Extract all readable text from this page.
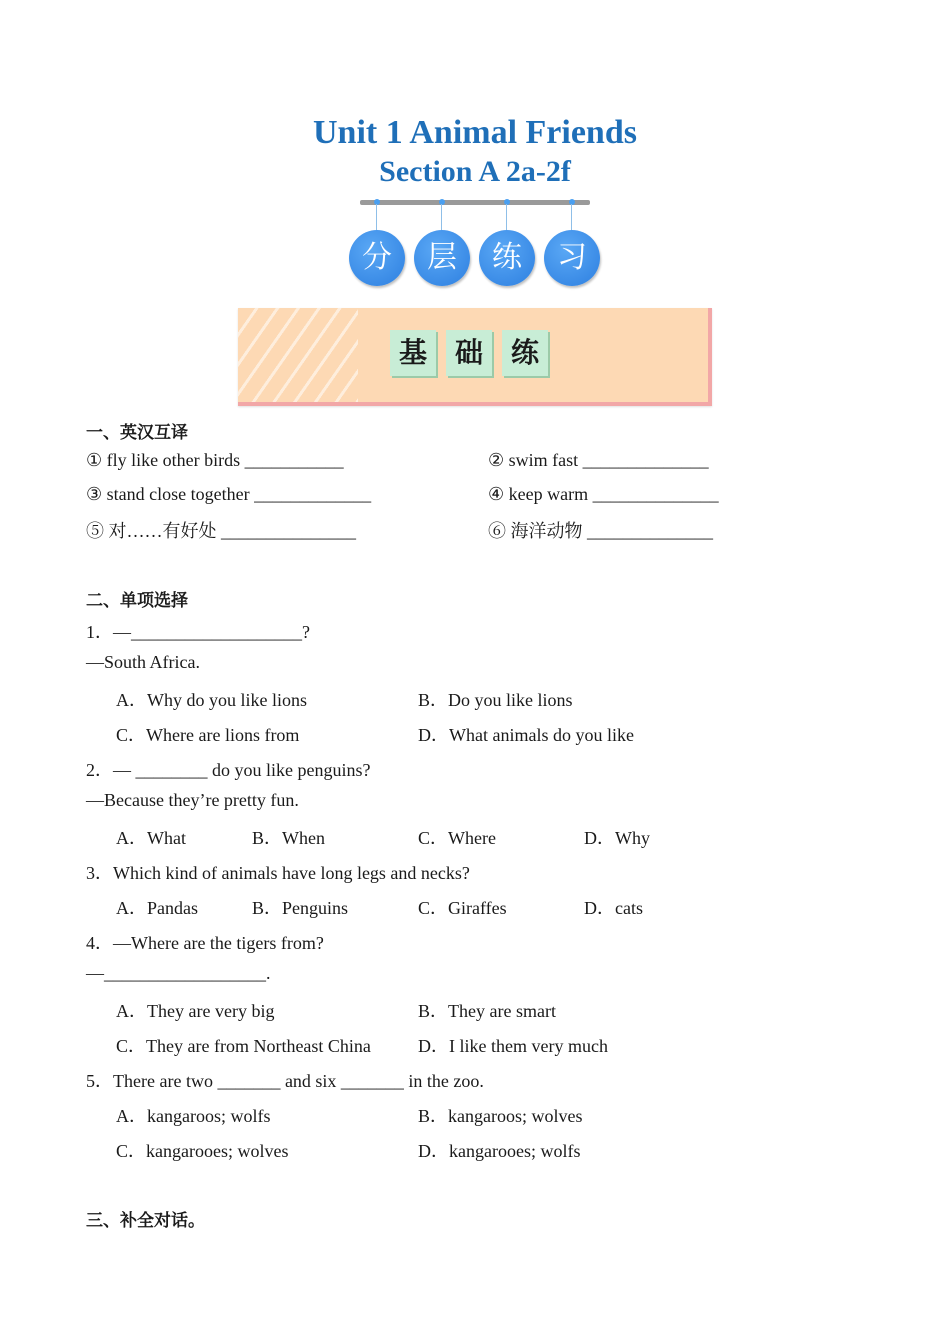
Unit 1 Animal Friends
Section A 2a-2f
分	层	练	习
基 础 练
一、英汉互译
① fly like other birds ___________	② swim fast ______________
③ stand close together _____________	④ keep warm ______________
⑤ 对……有好处 _______________	⑥ 海洋动物 ______________
二、单项选择
1．—___________________?
—South Africa.
A．Why do you like lions	B．Do you like lions
C．Where are lions from	D．What animals do you like
2．— ________ do you like penguins?
—Because they’re pretty fun.
A．What	B．When	C．Where	D．Why
3．Which kind of animals have long legs and necks?
A．Pandas	B．Penguins	C．Giraffes	D．cats
4．—Where are the tigers from?
—__________________.
A．They are very big	B．They are smart
C．They are from Northeast China	D．I like them very much
5．There are two _______ and six _______ in the zoo.
A．kangaroos; wolfs	B．kangaroos; wolves
C．kangarooes; wolves	D．kangarooes; wolfs
三、补全对话。
